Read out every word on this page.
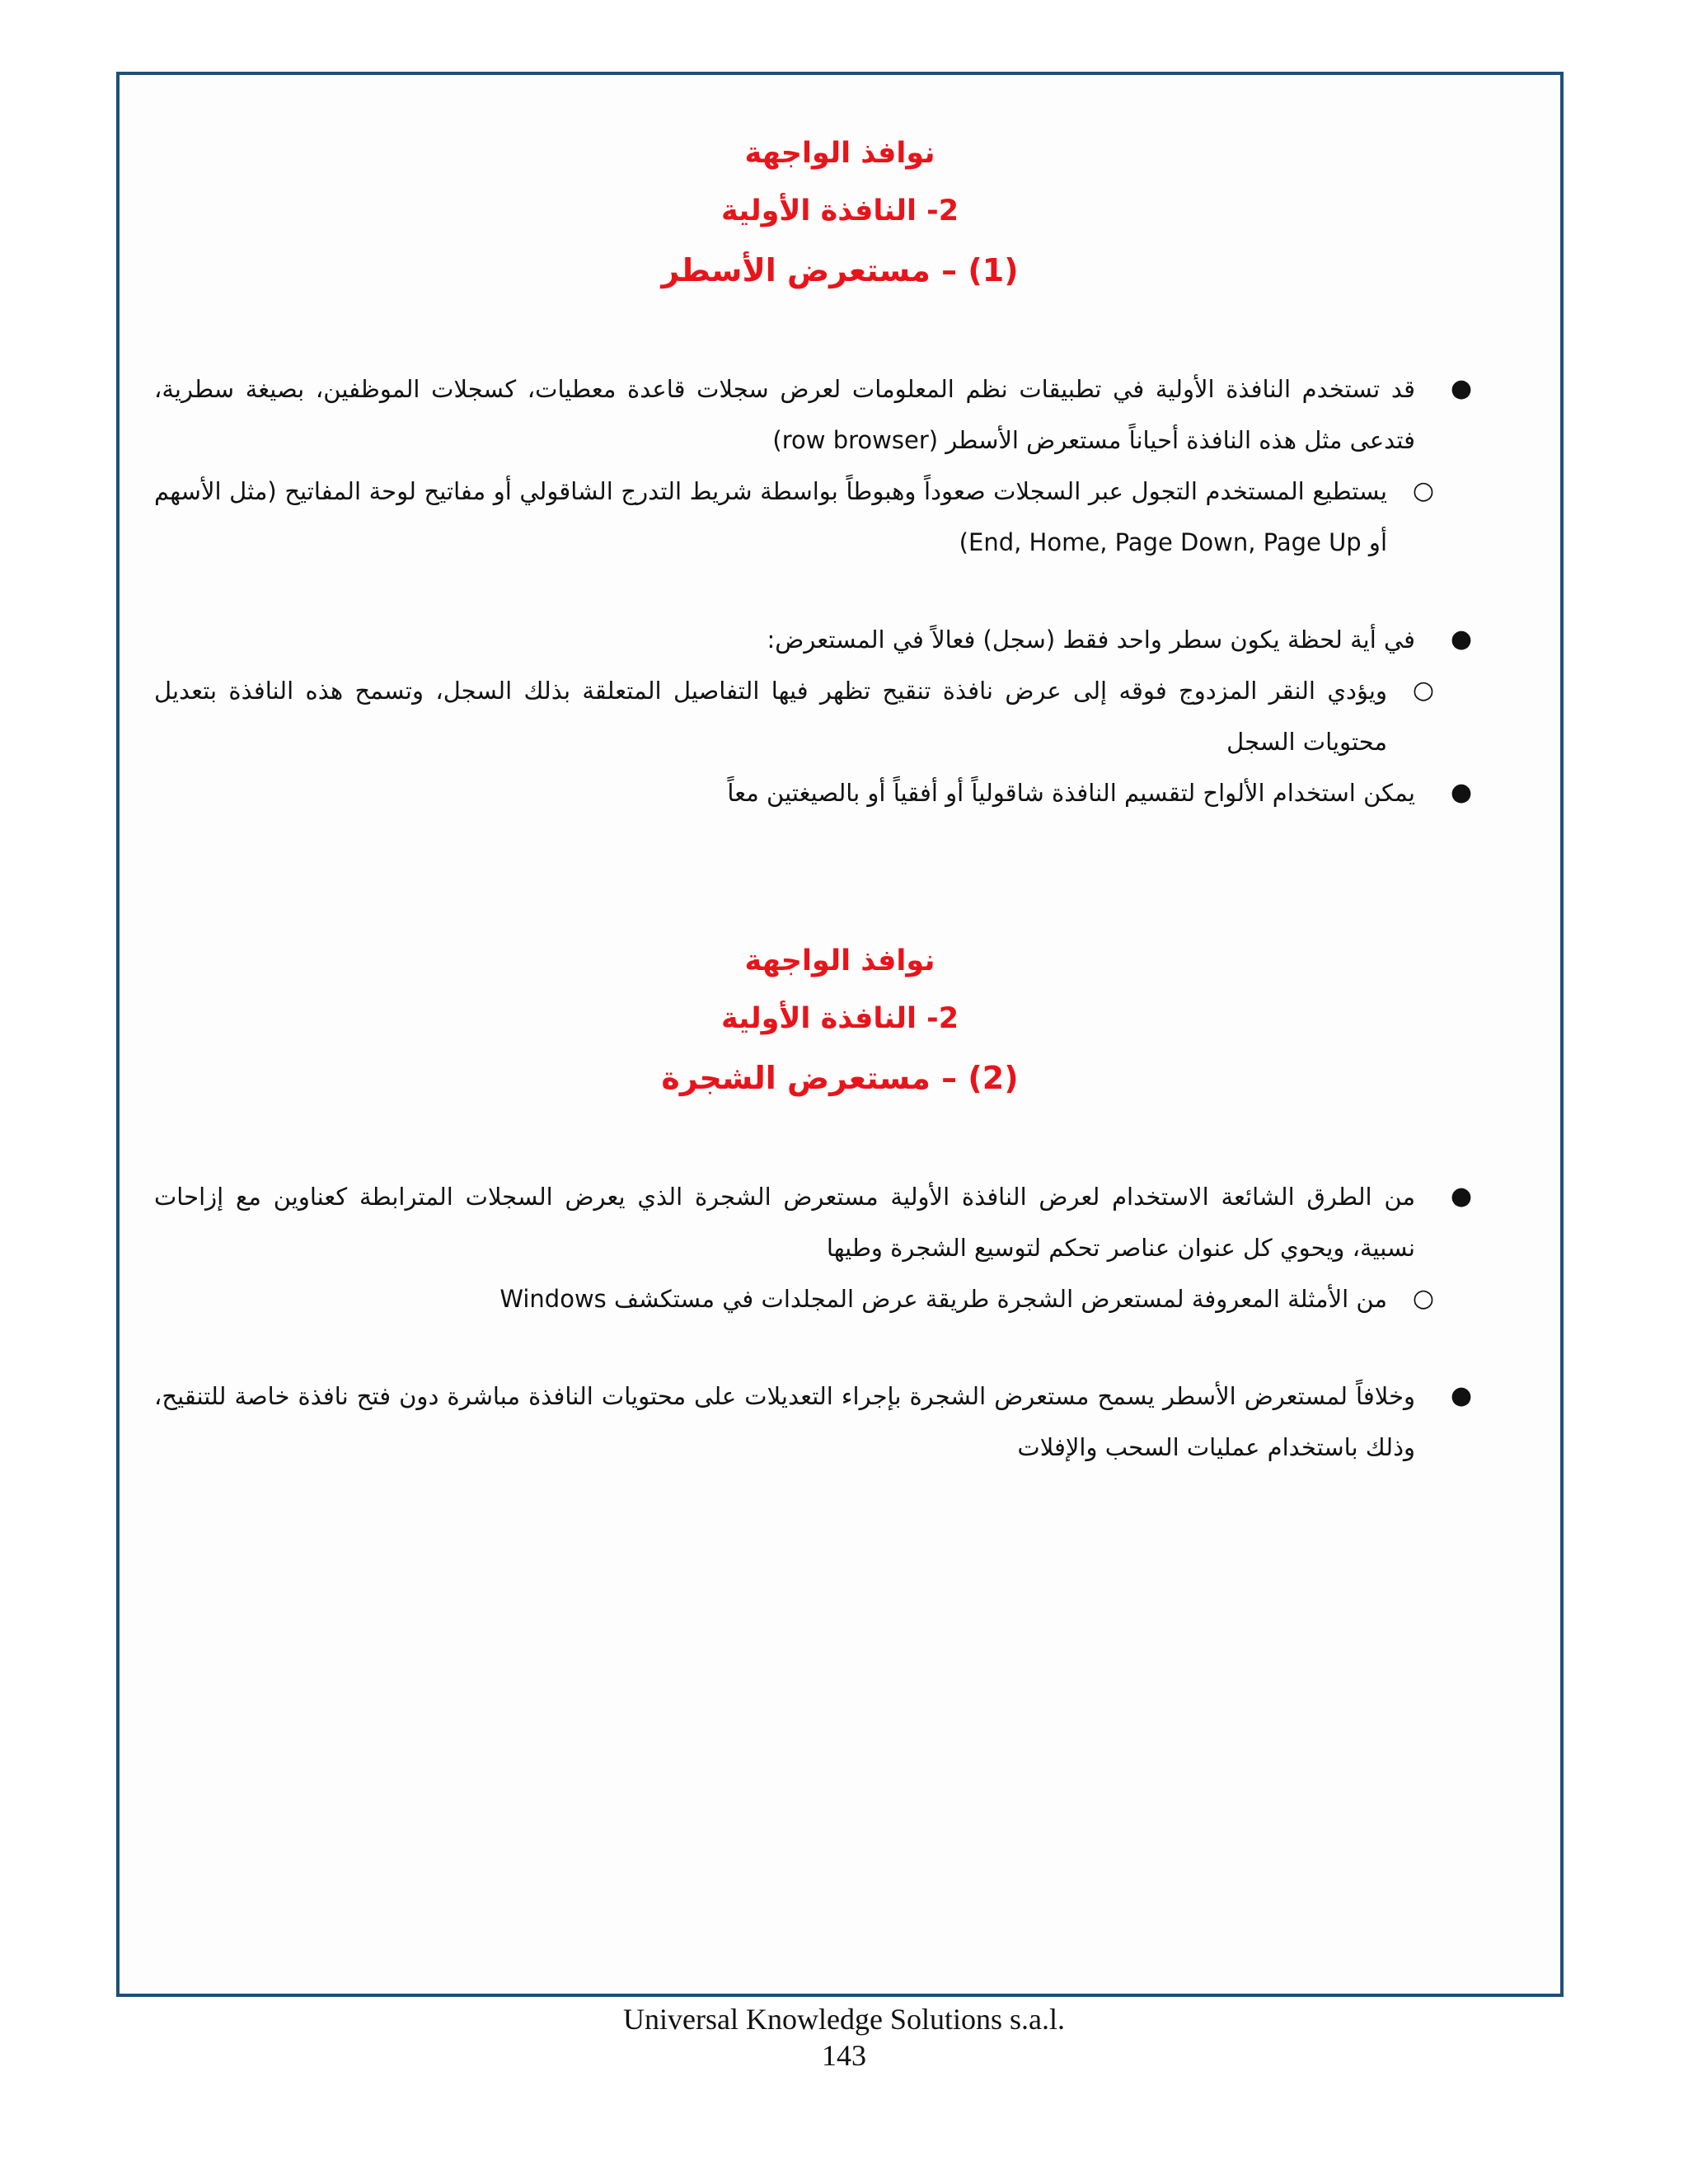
نوافذ الواجهة

2- النافذة الأولية

(1) – مستعرض الأسطر

●
قد تستخدم النافذة الأولية في تطبيقات نظم المعلومات لعرض سجلات قاعدة معطيات، كسجلات الموظفين، بصيغة سطرية، فتدعى مثل هذه النافذة أحياناً مستعرض الأسطر (row browser)

○
يستطيع المستخدم التجول عبر السجلات صعوداً وهبوطاً بواسطة شريط التدرج الشاقولي أو مفاتيح لوحة المفاتيح (مثل الأسهم أو End, Home, Page Down, Page Up)

●
في أية لحظة يكون سطر واحد فقط (سجل) فعالاً في المستعرض:

○
ويؤدي النقر المزدوج فوقه إلى عرض نافذة تنقيح تظهر فيها التفاصيل المتعلقة بذلك السجل، وتسمح هذه النافذة بتعديل محتويات السجل

●
يمكن استخدام الألواح لتقسيم النافذة شاقولياً أو أفقياً أو بالصيغتين معاً

نوافذ الواجهة

2- النافذة الأولية

(2) – مستعرض الشجرة

●
من الطرق الشائعة الاستخدام لعرض النافذة الأولية مستعرض الشجرة الذي يعرض السجلات المترابطة كعناوين مع إزاحات نسبية، ويحوي كل عنوان عناصر تحكم لتوسيع الشجرة وطيها

○
من الأمثلة المعروفة لمستعرض الشجرة طريقة عرض المجلدات في مستكشف Windows

●
وخلافاً لمستعرض الأسطر يسمح مستعرض الشجرة بإجراء التعديلات على محتويات النافذة مباشرة دون فتح نافذة خاصة للتنقيح، وذلك باستخدام عمليات السحب والإفلات

Universal Knowledge Solutions s.a.l.
143
